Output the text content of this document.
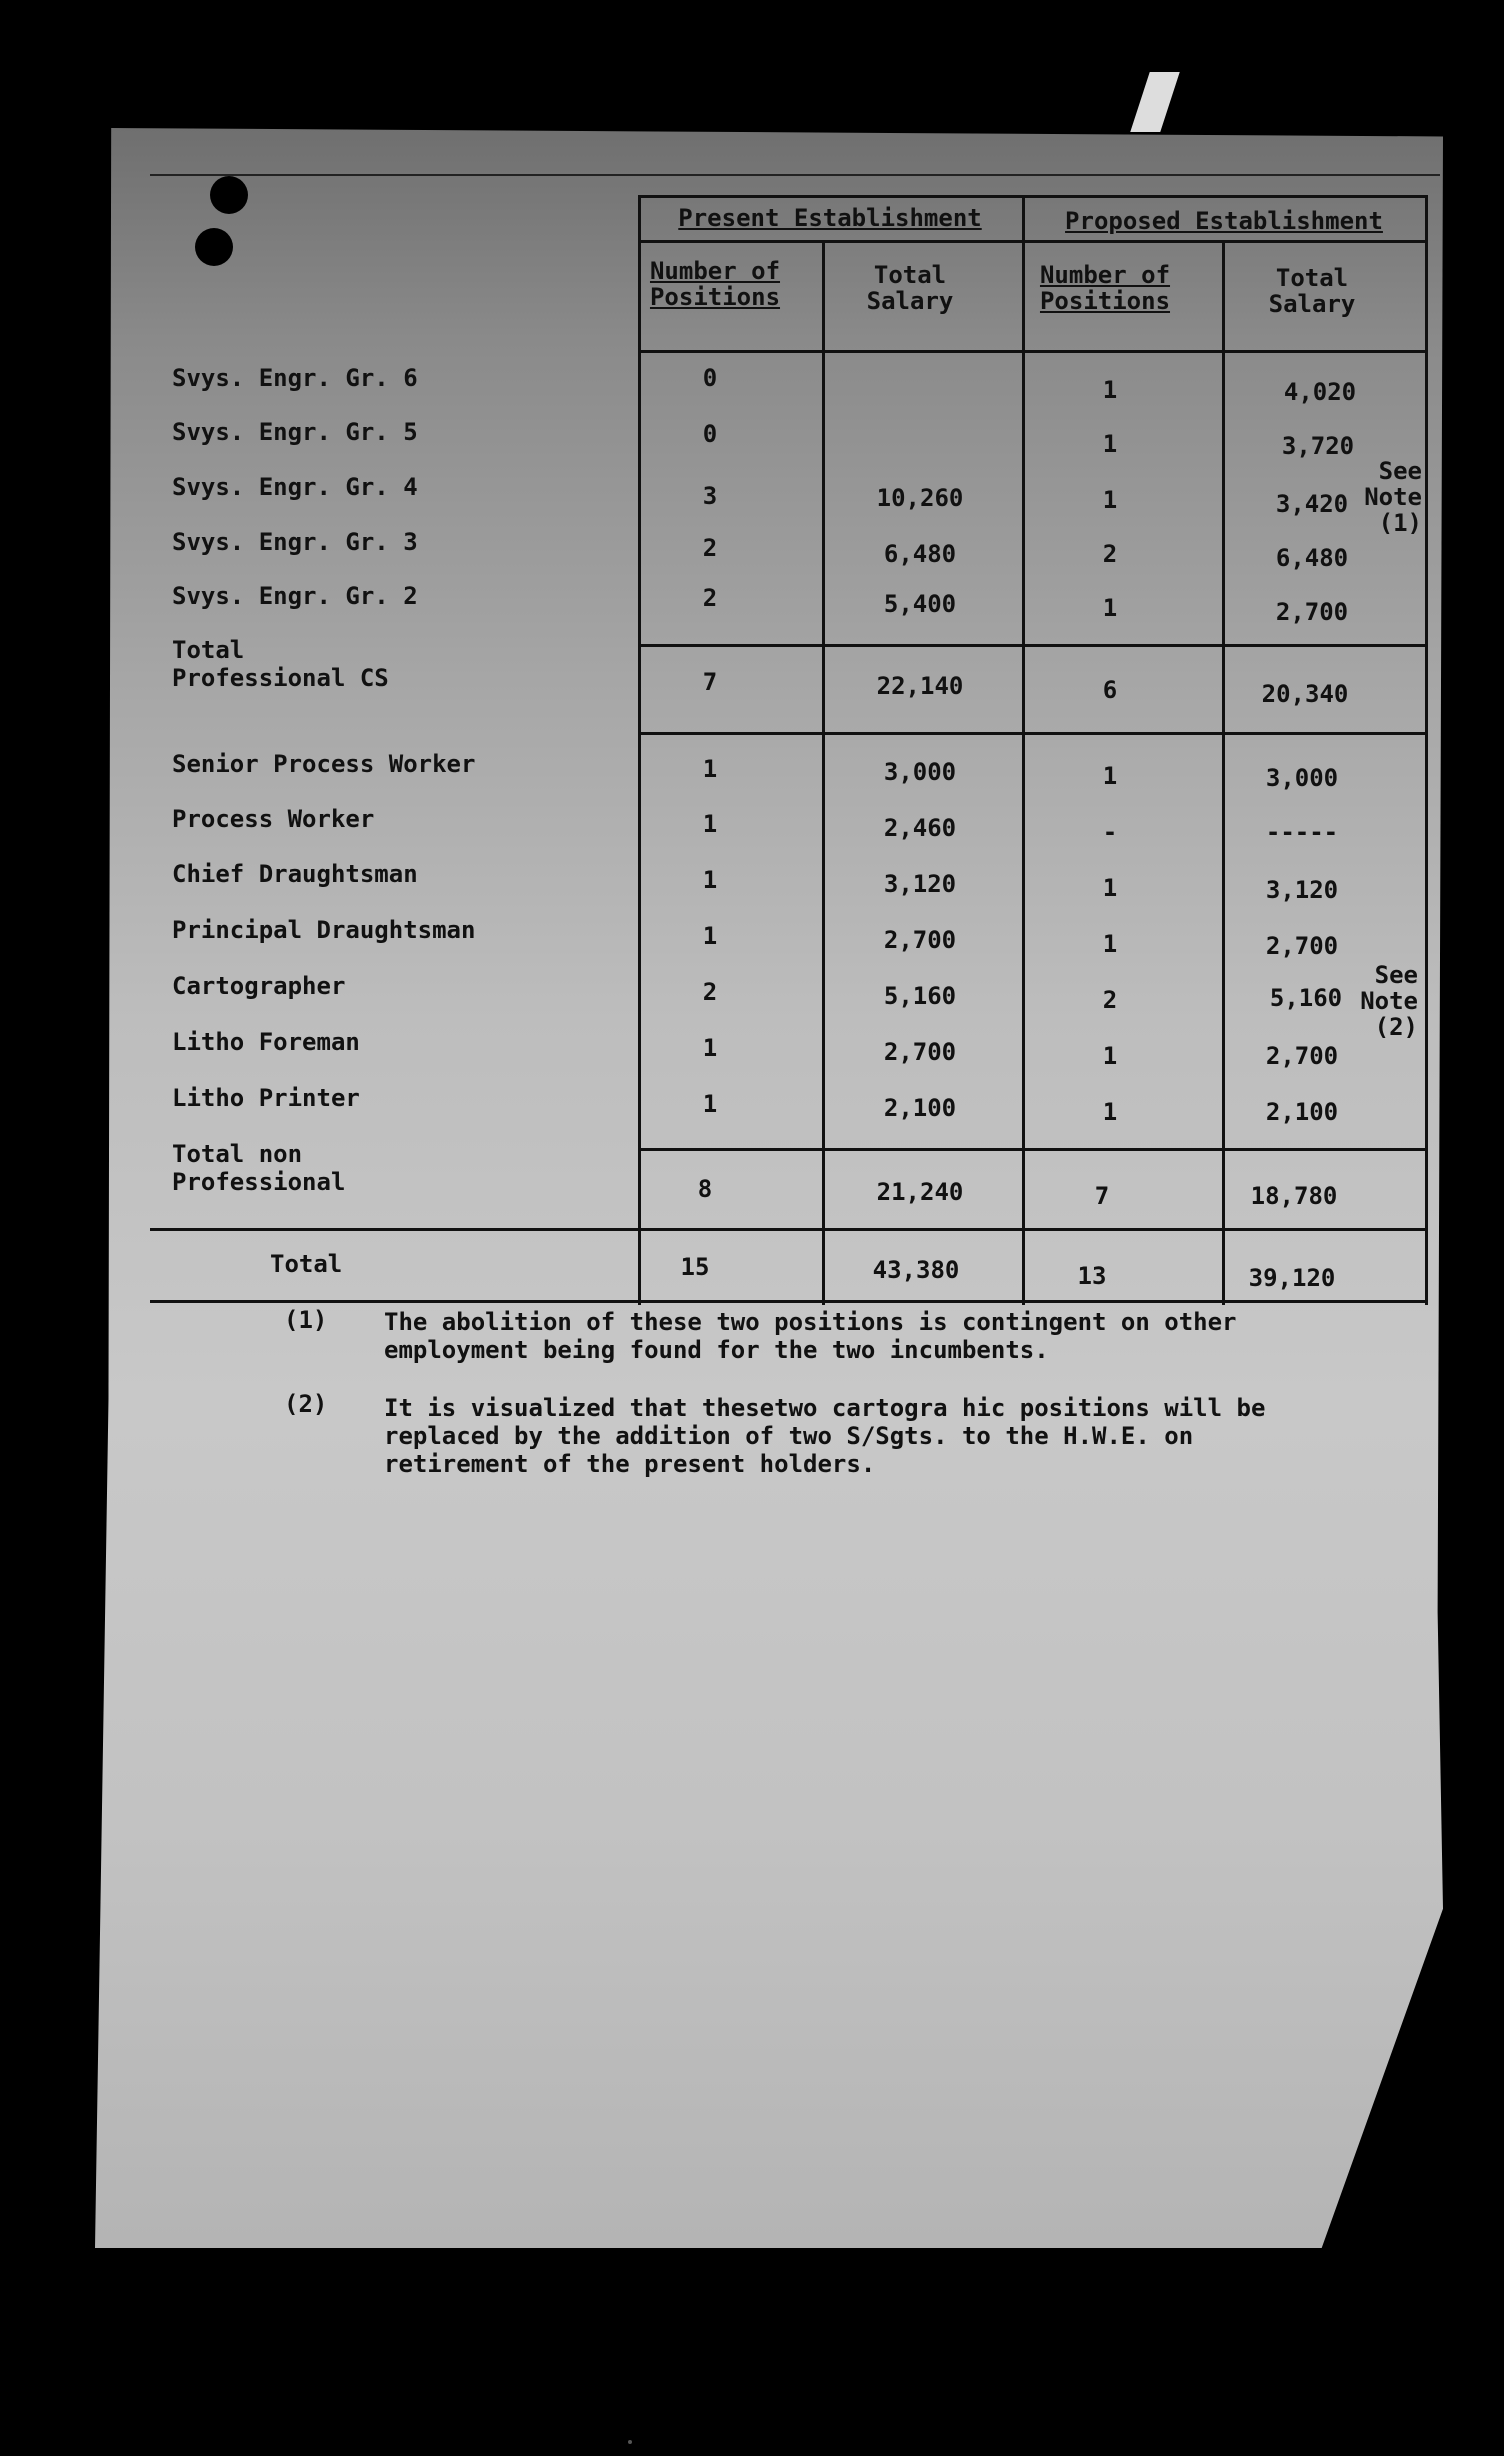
Present Establishment	Proposed Establishment
Number of Positions
Total Salary
Number of Positions
Total Salary
Svys. Engr. Gr. 6
Svys. Engr. Gr. 5
Svys. Engr. Gr. 4
Svys. Engr. Gr. 3
Svys. Engr. Gr. 2
Total
Professional CS
Senior Process Worker
Process Worker
Chief Draughtsman
Principal Draughtsman
Cartographer
Litho Foreman
Litho Printer
Total non
Professional
Total
0
0
3
2
2
7
1
1
1
1
2
1
1
8
15
10,260
6,480
5,400
22,140
3,000
2,460
3,120
2,700
5,160
2,700
2,100
21,240
43,380
1
1
1
2
1
6
1
-
1
1
2
1
1
7
13
4,020
3,720
3,420
6,480
2,700
20,340
3,000
-----
3,120
2,700
5,160
2,700
2,100
18,780
39,120
See
Note
(1)
See
Note
(2)
(1) The abolition of these two positions is contingent on other employment being found for the two incumbents.
(2) It is visualized that thesetwo cartogra hic positions will be replaced by the addition of two S/Sgts. to the H.W.E. on retirement of the present holders.
